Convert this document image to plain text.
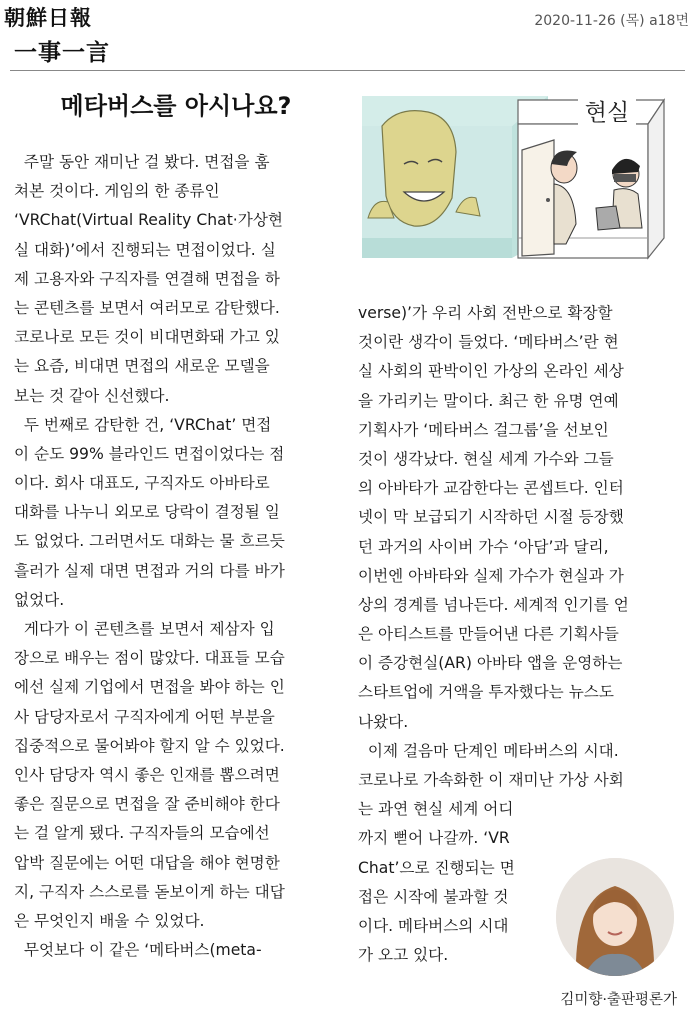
朝鮮日報	2020-11-26 (목) a18면
一事一言
메타버스를 아시나요?
주말 동안 재미난 걸 봤다. 면접을 훔
쳐본 것이다. 게임의 한 종류인
‘VRChat(Virtual Reality Chat·가상현
실 대화)’에서 진행되는 면접이었다. 실
제 고용자와 구직자를 연결해 면접을 하
는 콘텐츠를 보면서 여러모로 감탄했다.
코로나로 모든 것이 비대면화돼 가고 있
는 요즘, 비대면 면접의 새로운 모델을
보는 것 같아 신선했다.
두 번째로 감탄한 건, ‘VRChat’ 면접
이 순도 99% 블라인드 면접이었다는 점
이다. 회사 대표도, 구직자도 아바타로
대화를 나누니 외모로 당락이 결정될 일
도 없었다. 그러면서도 대화는 물 흐르듯
흘러가 실제 대면 면접과 거의 다를 바가
없었다.
게다가 이 콘텐츠를 보면서 제삼자 입
장으로 배우는 점이 많았다. 대표들 모습
에선 실제 기업에서 면접을 봐야 하는 인
사 담당자로서 구직자에게 어떤 부분을
집중적으로 물어봐야 할지 알 수 있었다.
인사 담당자 역시 좋은 인재를 뽑으려면
좋은 질문으로 면접을 잘 준비해야 한다
는 걸 알게 됐다. 구직자들의 모습에선
압박 질문에는 어떤 대답을 해야 현명한
지, 구직자 스스로를 돋보이게 하는 대답
은 무엇인지 배울 수 있었다.
무엇보다 이 같은 ‘메타버스(meta-
현실
verse)’가 우리 사회 전반으로 확장할
것이란 생각이 들었다. ‘메타버스’란 현
실 사회의 판박이인 가상의 온라인 세상
을 가리키는 말이다. 최근 한 유명 연예
기획사가 ‘메타버스 걸그룹’을 선보인
것이 생각났다. 현실 세계 가수와 그들
의 아바타가 교감한다는 콘셉트다. 인터
넷이 막 보급되기 시작하던 시절 등장했
던 과거의 사이버 가수 ‘아담’과 달리,
이번엔 아바타와 실제 가수가 현실과 가
상의 경계를 넘나든다. 세계적 인기를 얻
은 아티스트를 만들어낸 다른 기획사들
이 증강현실(AR) 아바타 앱을 운영하는
스타트업에 거액을 투자했다는 뉴스도
나왔다.
이제 걸음마 단계인 메타버스의 시대.
코로나로 가속화한 이 재미난 가상 사회
는 과연 현실 세계 어디
까지 뻗어 나갈까. ‘VR
Chat’으로 진행되는 면
접은 시작에 불과할 것
이다. 메타버스의 시대
가 오고 있다.
김미향·출판평론가
